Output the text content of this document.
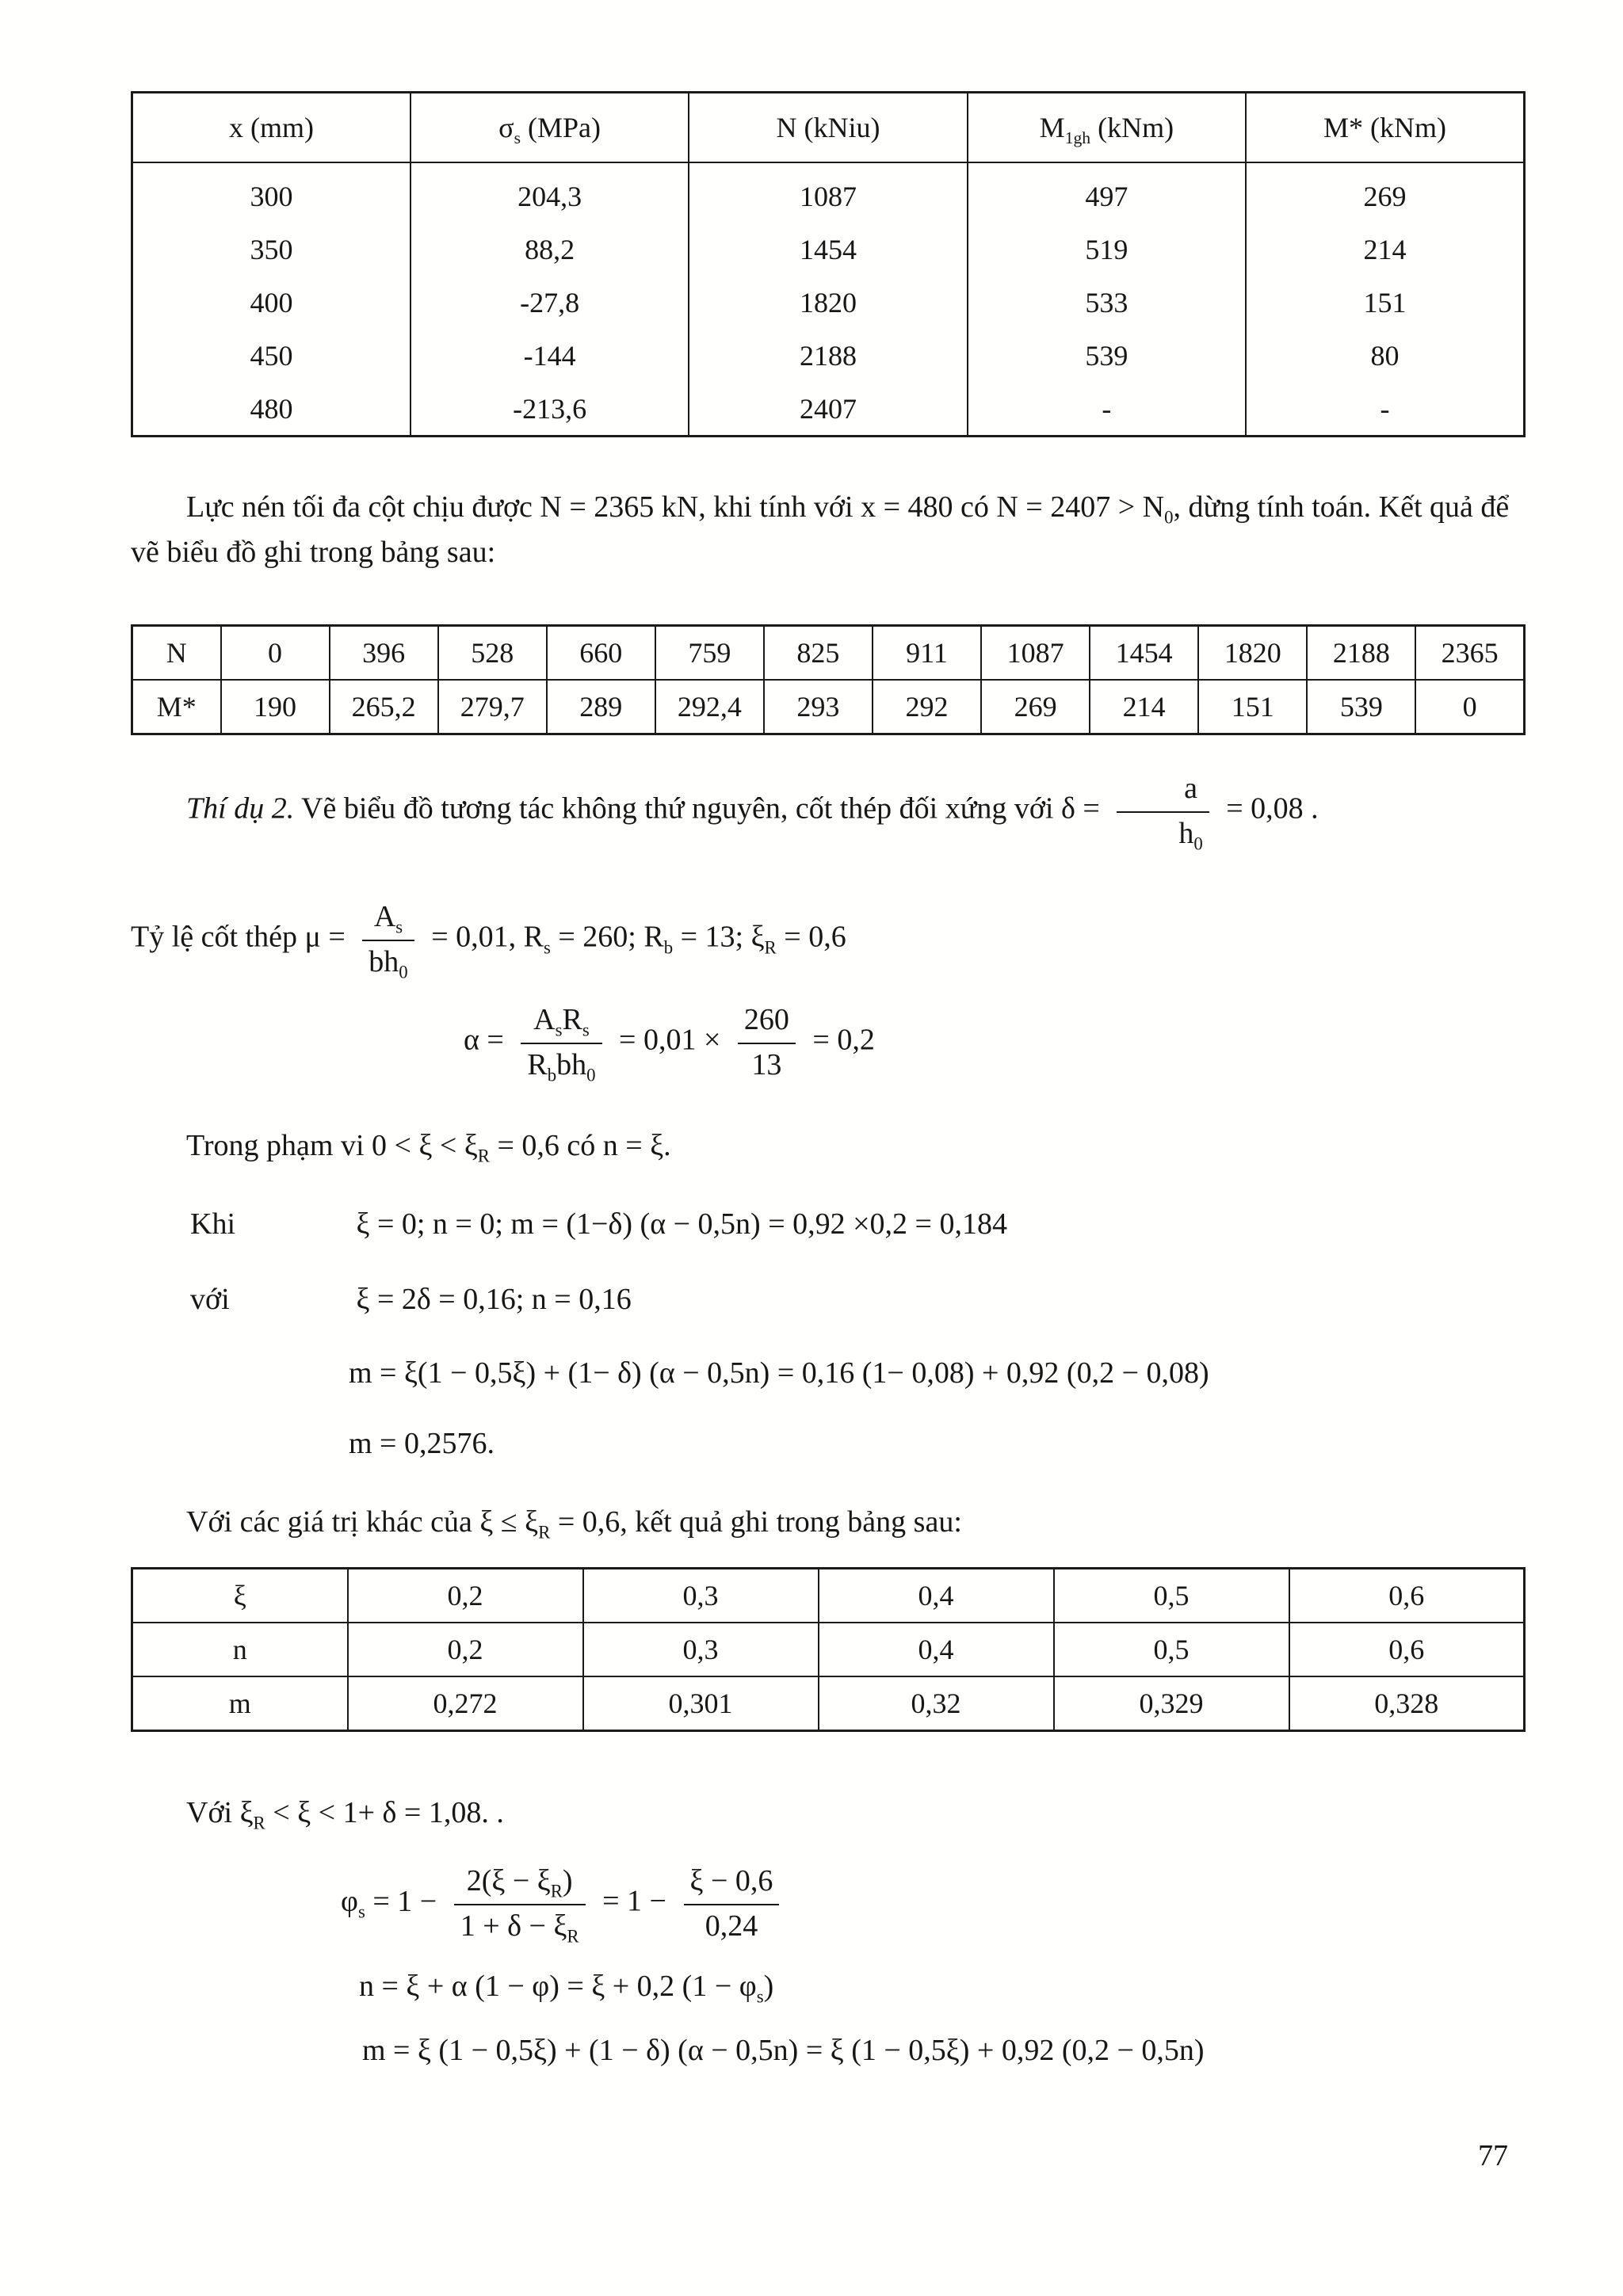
x (mm)	$\sigma_s$ (MPa)	N (kNiu)	$M_{1gh}$ (kNm)	M* (kNm)
300	204,3	1087	497	269
350	88,2	1454	519	214
400	-27,8	1820	533	151
450	-144	2188	539	80
480	-213,6	2407	-	-

Lực nén tối đa cột chịu được N = 2365 kN, khi tính với x = 480 có $N = 2407 > N_0$, dừng tính toán. Kết quả để vẽ biểu đồ ghi trong bảng sau:

N	0	396	528	660	759	825	911	1087	1454	1820	2188	2365
M*	190	265,2	279,7	289	292,4	293	292	269	214	151	539	0

Thí dụ 2. Vẽ biểu đồ tương tác không thứ nguyên, cốt thép đối xứng với $\delta = \frac{a}{h_0} = 0,08$ .

Tỷ lệ cốt thép $\mu = \frac{A_s}{bh_0} = 0,01$, $R_s = 260$; $R_b = 13$; $\xi_R = 0,6$

$\alpha = \frac{A_sR_s}{R_bbh_0} = 0,01 \times \frac{260}{13} = 0,2$

Trong phạm vi $0 < \xi < \xi_R = 0,6$ có n = ξ.

Khi	ξ = 0; n = 0; m = (1−δ) (α − 0,5n) = 0,92 ×0,2 = 0,184

với	ξ = 2δ = 0,16; n = 0,16

m = ξ(1 − 0,5ξ) + (1− δ) (α − 0,5n) = 0,16 (1− 0,08) + 0,92 (0,2 − 0,08)

m = 0,2576.

Với các giá trị khác của $\xi \le \xi_R = 0,6$, kết quả ghi trong bảng sau:

ξ	0,2	0,3	0,4	0,5	0,6
n	0,2	0,3	0,4	0,5	0,6
m	0,272	0,301	0,32	0,329	0,328

Với $\xi_R < \xi < 1+ \delta = 1,08$. .

$\varphi_s = 1 - \frac{2(\xi - \xi_R)}{1 + \delta - \xi_R} = 1 - \frac{\xi - 0,6}{0,24}$

n = ξ + α (1 − φ) = ξ + 0,2 $(1 - \varphi_s)$

m = ξ (1 − 0,5ξ) + (1 − δ) (α − 0,5n) = ξ (1 − 0,5ξ) + 0,92 (0,2 − 0,5n)

77
